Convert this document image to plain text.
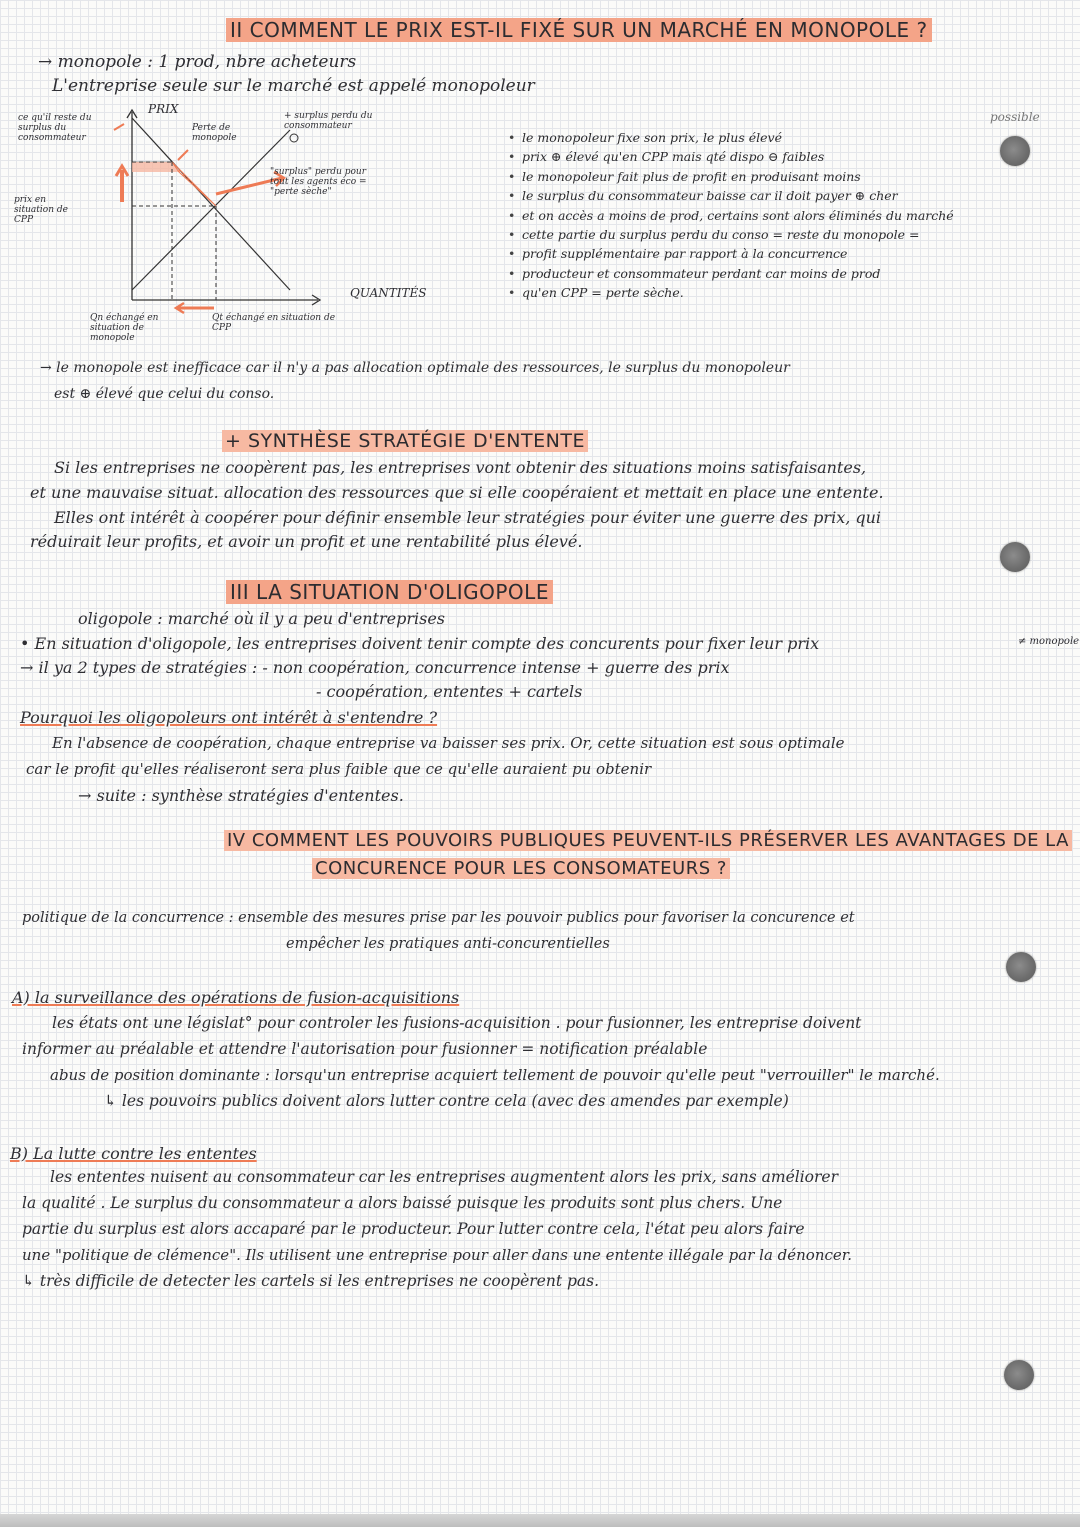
II COMMENT LE PRIX EST-IL FIXÉ SUR UN MARCHÉ EN MONOPOLE ?
→ monopole : 1 prod, nbre acheteurs
L'entreprise seule sur le marché est appelé monopoleur
PRIX
QUANTITÉS
ce qu'il reste du surplus du consommateur
prix en situation de CPP
Perte de monopole
+ surplus perdu du consommateur
"surplus" perdu pour tout les agents éco = "perte sèche"
Qn échangé en situation de monopole
Qt échangé en situation de CPP
possible
• le monopoleur fixe son prix, le plus élevé
• prix ⊕ élevé qu'en CPP mais qté dispo ⊖ faibles
• le monopoleur fait plus de profit en produisant moins
• le surplus du consommateur baisse car il doit payer ⊕ cher
• et on accès a moins de prod, certains sont alors éliminés du marché
• cette partie du surplus perdu du conso = reste du monopole =
• profit supplémentaire par rapport à la concurrence
• producteur et consommateur perdant car moins de prod
• qu'en CPP = perte sèche.
→ le monopole est inefficace car il n'y a pas allocation optimale des ressources, le surplus du monopoleur
est ⊕ élevé que celui du conso.
+ SYNTHÈSE STRATÉGIE D'ENTENTE

Si les entreprises ne coopèrent pas, les entreprises vont obtenir des situations moins satisfaisantes,

et une mauvaise situat. allocation des ressources que si elle coopéraient et mettait en place une entente.

Elles ont intérêt à coopérer pour définir ensemble leur stratégies pour éviter une guerre des prix, qui

réduirait leur profits, et avoir un profit et une rentabilité plus élevé.

III LA SITUATION D'OLIGOPOLE
oligopole : marché où il y a peu d'entreprises
• En situation d'oligopole, les entreprises doivent tenir compte des concurents pour fixer leur prix	≠ monopole
→ il ya 2 types de stratégies : - non coopération, concurrence intense + guerre des prix
- coopération, ententes + cartels
Pourquoi les oligopoleurs ont intérêt à s'entendre ?
En l'absence de coopération, chaque entreprise va baisser ses prix. Or, cette situation est sous optimale
car le profit qu'elles réaliseront sera plus faible que ce qu'elle auraient pu obtenir
→ suite : synthèse stratégies d'ententes.
IV COMMENT LES POUVOIRS PUBLIQUES PEUVENT-ILS PRÉSERVER LES AVANTAGES DE LA
CONCURENCE POUR LES CONSOMATEURS ?
politique de la concurrence : ensemble des mesures prise par les pouvoir publics pour favoriser la concurence et
empêcher les pratiques anti-concurentielles
A) la surveillance des opérations de fusion-acquisitions
les états ont une législat° pour controler les fusions-acquisition . pour fusionner, les entreprise doivent
informer au préalable et attendre l'autorisation pour fusionner = notification préalable
abus de position dominante : lorsqu'un entreprise acquiert tellement de pouvoir qu'elle peut "verrouiller" le marché.
↳ les pouvoirs publics doivent alors lutter contre cela (avec des amendes par exemple)
B) La lutte contre les ententes
les ententes nuisent au consommateur car les entreprises augmentent alors les prix, sans améliorer
la qualité . Le surplus du consommateur a alors baissé puisque les produits sont plus chers. Une
partie du surplus est alors accaparé par le producteur. Pour lutter contre cela, l'état peu alors faire
une "politique de clémence". Ils utilisent une entreprise pour aller dans une entente illégale par la dénoncer.
↳ très difficile de detecter les cartels si les entreprises ne coopèrent pas.
